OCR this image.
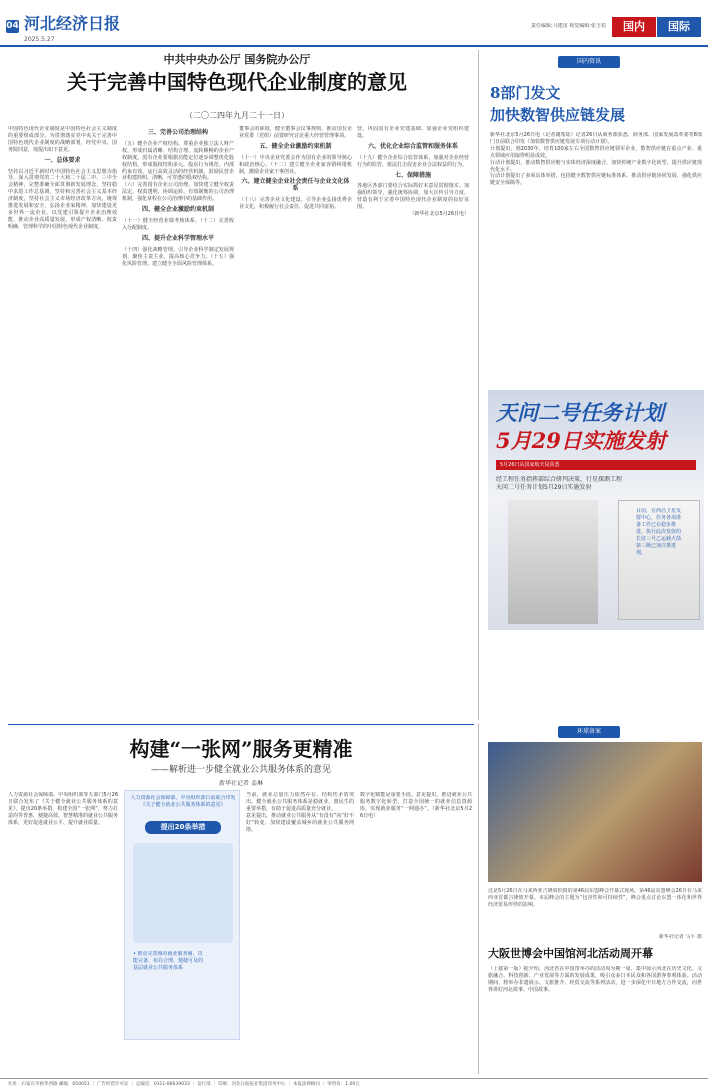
04 河北经济日报
2025.5.27
责任编辑:马建雷 视觉编辑:张玉桔	国内	国际
中共中央办公厅 国务院办公厅
关于完善中国特色现代企业制度的意见
（二〇二四年九月二十一日）

中国特色现代企业制度是中国特色社会主义制度的重要组成部分。为贯彻落实党中央关于完善中国特色现代企业制度的战略部署，经党中央、国务院同意，现提出如下意见。

一、总体要求

坚持以习近平新时代中国特色社会主义思想为指导，深入贯彻党的二十大和二十届二中、三中全会精神，完整准确全面贯彻新发展理念，坚持稳中求进工作总基调，坚持和完善社会主义基本经济制度，坚持社会主义市场经济改革方向，统筹推进发展和安全，弘扬企业家精神，加快建设更多世界一流企业，以党建引领提升企业治理效能，推动企业高质量发展，形成产权清晰、权责明确、管理科学的中国特色现代企业制度。

三、完善公司治理结构

（五）健全企业产权结构。尊重企业独立法人财产权，形成归属清晰、结构合理、流转顺畅的企业产权制度。国有企业要根据功能定位逐步调整优化股权结构，形成股权结构多元、股东行为规范、内部约束有效、运行高效灵活的经营机制。鼓励民营企业构建简明、清晰、可穿透的股权结构。

（六）完善国有企业公司治理。加快建立健全权责法定、权责透明、协调运转、有效制衡的公司治理机制，强化章程在公司治理中的基础作用。

四、健全企业激励约束机制

（十一）健全经营业绩考核体系。（十二）完善收入分配制度。

四、提升企业科学管理水平

（十四）强化战略管理。引导企业科学制定发展规划，聚焦主责主业，提高核心竞争力。（十五）强化风险管理。建立健全全面风险管理体系。

董事会的职权，健全董事会议事规则。推动国有企业党委（党组）前置研究讨论重大经营管理事项。

五、健全企业激励约束机制

（十一）中央企业党委会作为国有企业的领导核心和政治核心。（十二）建立健全企业家容错纠错机制，激励企业家干事创业。

六、建立健全企业社会责任与企业文化体系

（十八）完善企业文化建设。引导企业弘扬优秀企业文化，积极履行社会责任，促进共同富裕。

营。巩固国有企业党建基础，加强企业党组织建设。

六、优化企业综合监管和服务体系

（十九）健全企业综合监管体系。加强对企业经营行为的监管，依法打击侵害企业合法权益的行为。

七、保障措施

各地区各部门要结合实际抓好本意见贯彻落实。加强组织领导，强化统筹协调，加大宣传引导力度，营造有利于完善中国特色现代企业制度的良好氛围。

（新华社北京5月26日电）

国内资讯
8部门发文
加快数智供应链发展

新华社北京5月26日电（记者谢希瑶）记者26日从商务部获悉，商务部、国家发展改革委等8部门日前联合印发《加快数智供应链发展专项行动计划》。

计划提出，到2030年，培育100家左右全国数智供应链领军企业，数智供应链在重点产业、重点领域应用取得明显成效。

行动计划提出，推动数智供应链与实体经济深度融合，加快传统产业数字化转型，提升供应链现代化水平。

行动计划提出了多项具体举措，包括健全数智供应链标准体系、推动供应链协同发展、强化供应链安全保障等。

天问二号任务计划
5月29日实施发射
5月26日从国家航天局获悉
经工程任务指挥部综合研判决策，行星探测工程天问二号任务计划5月29日实施发射
目前，在西昌卫星发射中心，任务各项准备工作已在稳步推进。执行此次发射的长征三号乙运载火箭第三级已加注推进剂。
构建“一张网”服务更精准
——解析进一步健全就业公共服务体系的意见
新华社记者 姜琳
人力资源社会保障部、中央组织部等五部门5月26日联合发布了《关于健全就业公共服务体系的意见》，提出20条举措，构建全国“一张网”，努力打造均等普惠、便捷高效、智慧精准的就业公共服务体系，更好促进就业公平、提升就业质量。
人力资源社会保障部、中央组织部日前联合印发《关于健全就业公共服务体系的意见》
提出20条举措
• 推动完善城市就业服务圈，功能完备、布局合理、便捷可及的基层就业公共服务体系

当前，就业总量压力依然存在，结构性矛盾突出。健全就业公共服务体系是稳就业、惠民生的重要举措，有助于促进高质量充分就业。

意见提出，推动就业公共服务从“有没有”向“好不好”转变，加快建设覆盖城乡的就业公共服务网络。

数字化赋能是重要手段。意见提出，推进就业公共服务数字化转型，打造全国统一的就业信息资源库，实现就业服务“一网通办”。（新华社北京5月26日电）
环球备案
这是5月26日在马来西亚吉隆坡拍摄的第46届东盟峰会开幕式现场。第46届东盟峰会26日在马来西亚首都吉隆坡开幕。本届峰会的主题为“包容性和可持续性”，峰会重点讨论东盟一体化和世界经济贸易形势的影响。
新华社记者 马平 摄
大阪世博会中国馆河北活动周开幕
（上接第一版）据介绍，河北省在中国馆举办的活动周为期一周，集中展示河北在历史文化、文旅融合、科技创新、产业发展等方面的发展成果，吸引众多日本民众和各国游客参观体验。活动期间，将举办非遗展示、文旅推介、经贸交流等系列活动，进一步深化中日地方合作交流，向世界讲好河北故事、中国故事。
社址：石家庄市裕华西路 邮编：050051 ｜ 广告经营许可证 ｜ 总编室：0311-88639033 ｜ 发行部 ｜ 印刷：河北日报报业集团印务中心 ｜ 本报法律顾问 ｜ 零售价：1.00元
